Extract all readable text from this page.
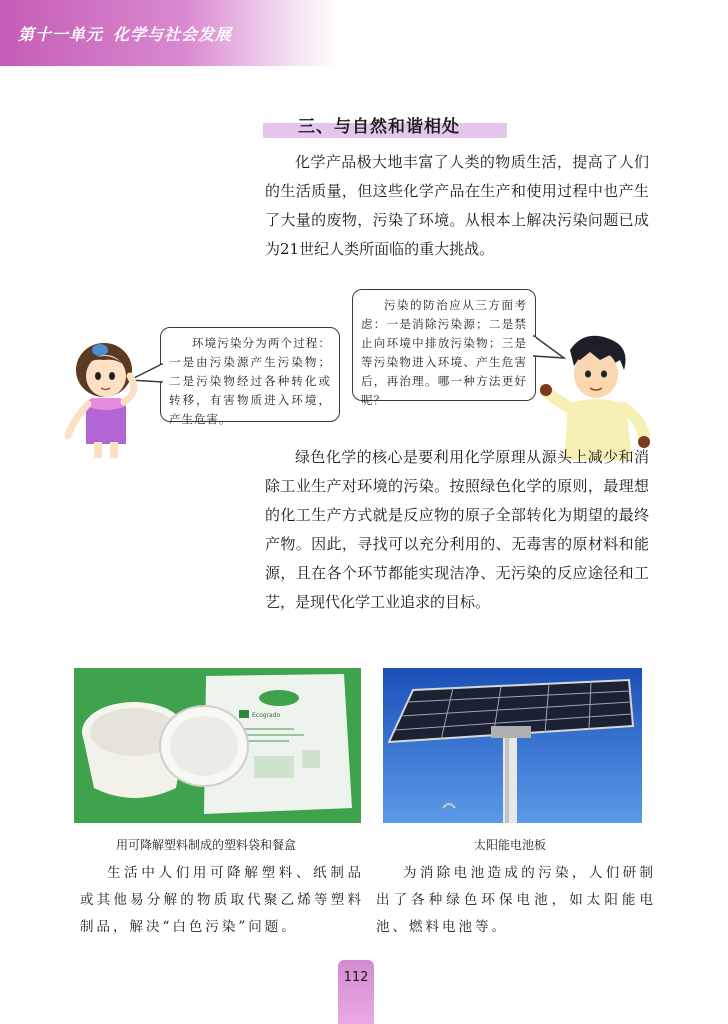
第十一单元 化学与社会发展
三、与自然和谐相处

化学产品极大地丰富了人类的物质生活，提高了人们的生活质量，但这些化学产品在生产和使用过程中也产生了大量的废物，污染了环境。从根本上解决污染问题已成为21世纪人类所面临的重大挑战。

环境污染分为两个过程：一是由污染源产生污染物；二是污染物经过各种转化或转移，有害物质进入环境，产生危害。
污染的防治应从三方面考虑：一是消除污染源；二是禁止向环境中排放污染物；三是等污染物进入环境、产生危害后，再治理。哪一种方法更好呢？

绿色化学的核心是要利用化学原理从源头上减少和消除工业生产对环境的污染。按照绿色化学的原则，最理想的化工生产方式就是反应物的原子全部转化为期望的最终产物。因此，寻找可以充分利用的、无毒害的原材料和能源，且在各个环节都能实现洁净、无污染的反应途径和工艺，是现代化学工业追求的目标。

Ecogrado
用可降解塑料制成的塑料袋和餐盒	太阳能电池板

生活中人们用可降解塑料、纸制品或其他易分解的物质取代聚乙烯等塑料制品，解决“白色污染”问题。

为消除电池造成的污染，人们研制出了各种绿色环保电池，如太阳能电池、燃料电池等。

112
